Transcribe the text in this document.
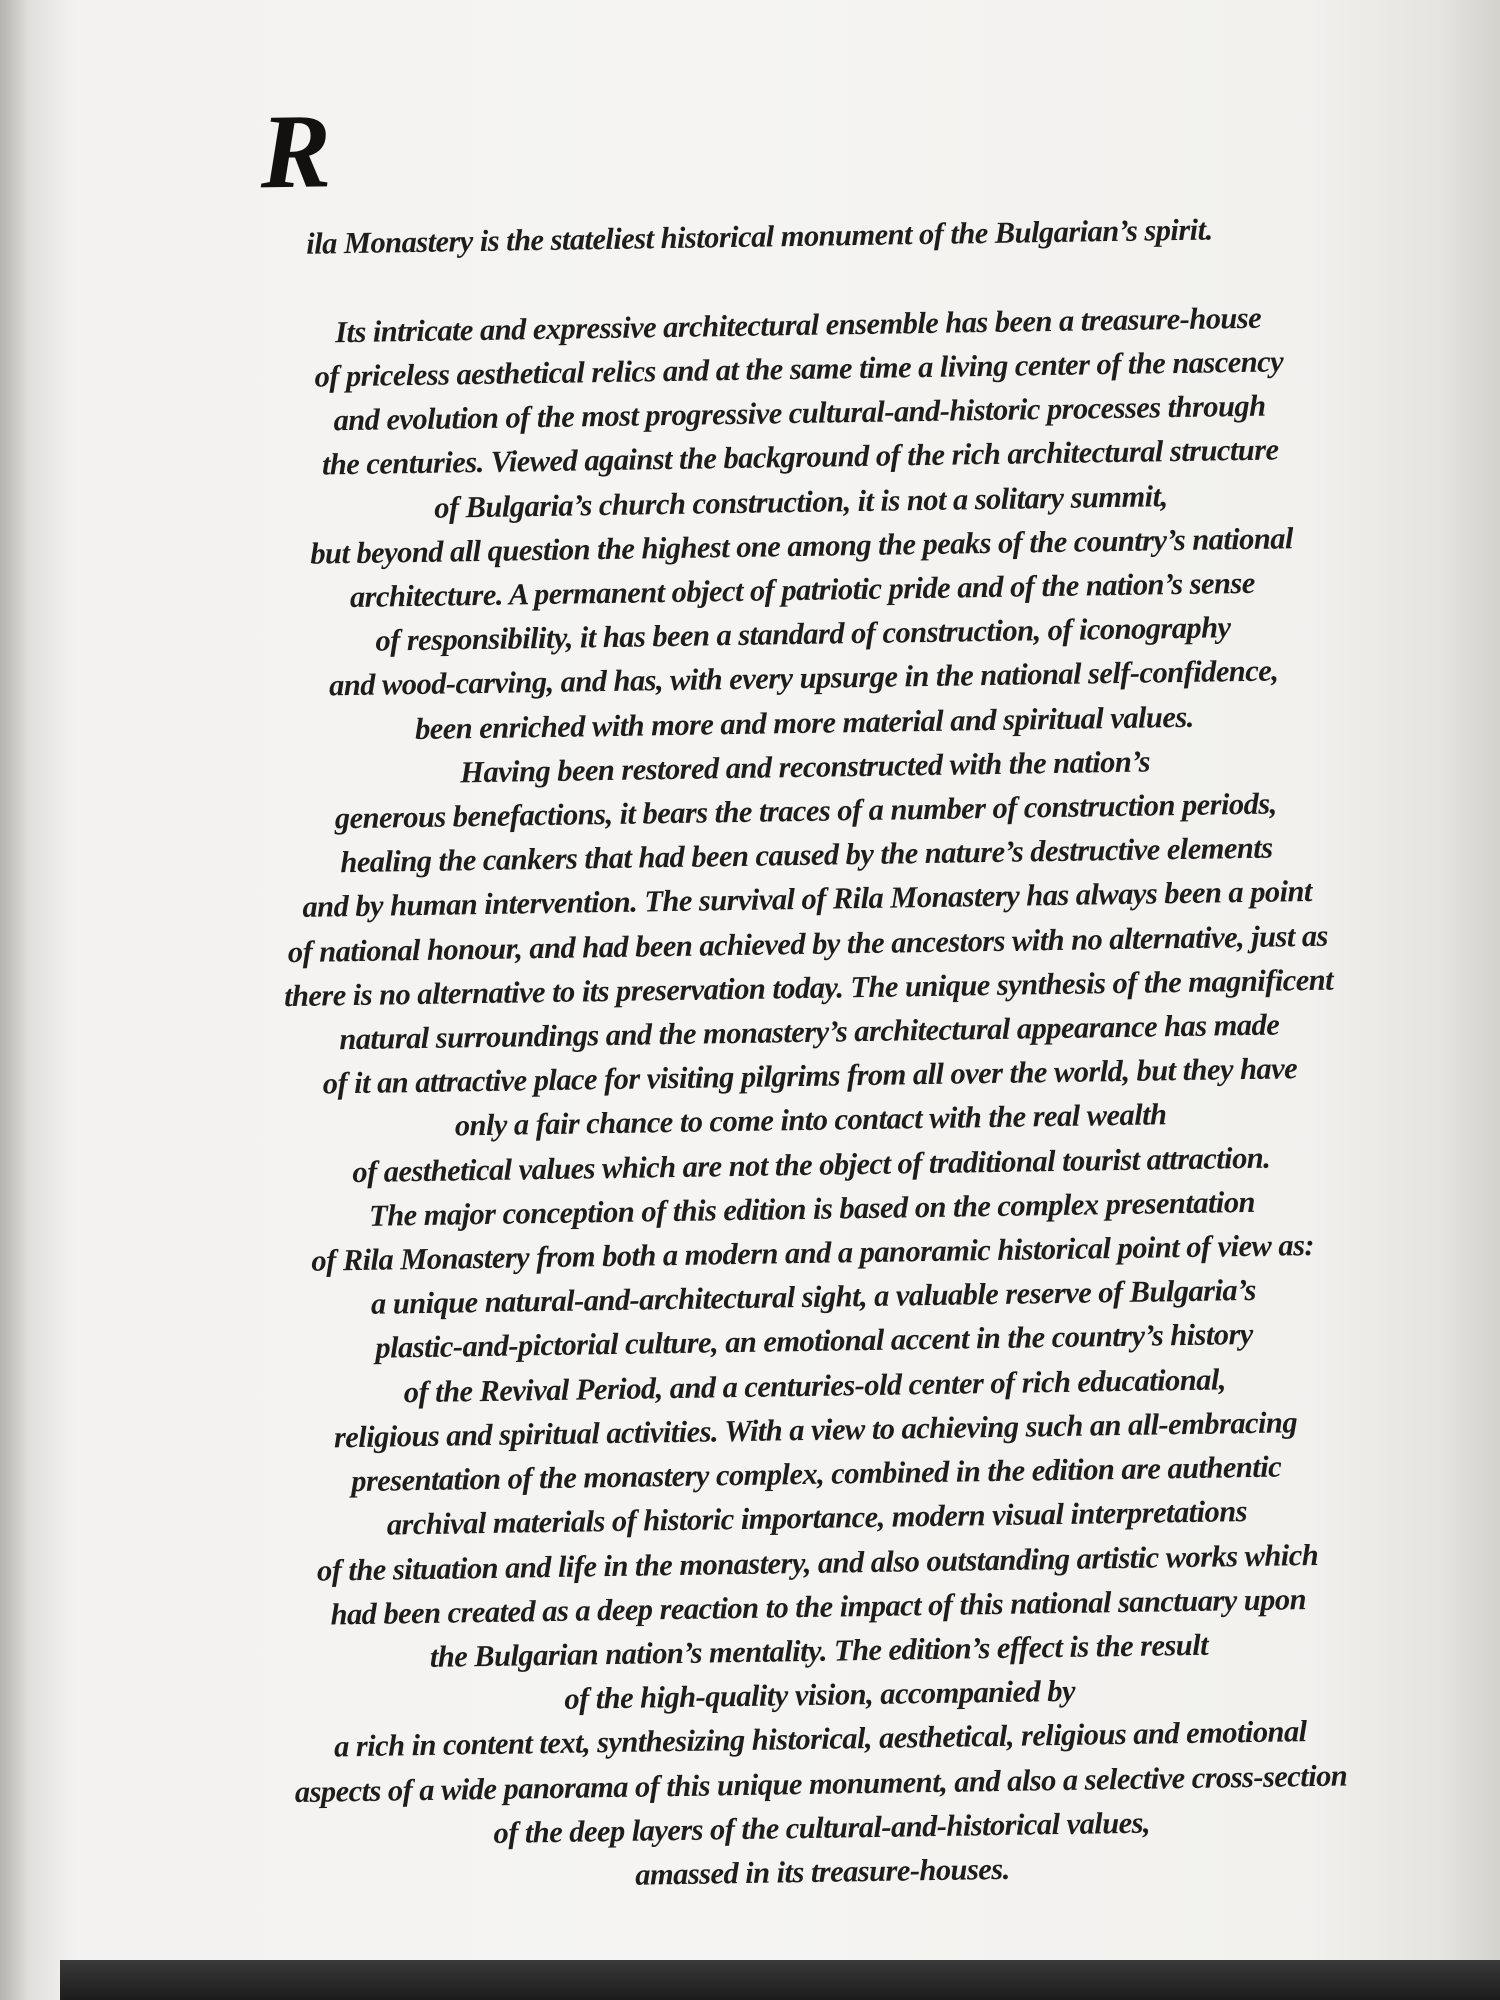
R

ila Monastery is the stateliest historical monument of the Bulgarian’s spirit.

Its intricate and expressive architectural ensemble has been a treasure-house
of priceless aesthetical relics and at the same time a living center of the nascency
and evolution of the most progressive cultural-and-historic processes through
the centuries. Viewed against the background of the rich architectural structure
of Bulgaria’s church construction, it is not a solitary summit,
but beyond all question the highest one among the peaks of the country’s national
architecture. A permanent object of patriotic pride and of the nation’s sense
of responsibility, it has been a standard of construction, of iconography
and wood-carving, and has, with every upsurge in the national self-confidence,
been enriched with more and more material and spiritual values.
Having been restored and reconstructed with the nation’s
generous benefactions, it bears the traces of a number of construction periods,
healing the cankers that had been caused by the nature’s destructive elements
and by human intervention. The survival of Rila Monastery has always been a point
of national honour, and had been achieved by the ancestors with no alternative, just as
there is no alternative to its preservation today. The unique synthesis of the magnificent
natural surroundings and the monastery’s architectural appearance has made
of it an attractive place for visiting pilgrims from all over the world, but they have
only a fair chance to come into contact with the real wealth
of aesthetical values which are not the object of traditional tourist attraction.
The major conception of this edition is based on the complex presentation
of Rila Monastery from both a modern and a panoramic historical point of view as:
a unique natural-and-architectural sight, a valuable reserve of Bulgaria’s
plastic-and-pictorial culture, an emotional accent in the country’s history
of the Revival Period, and a centuries-old center of rich educational,
religious and spiritual activities. With a view to achieving such an all-embracing
presentation of the monastery complex, combined in the edition are authentic
archival materials of historic importance, modern visual interpretations
of the situation and life in the monastery, and also outstanding artistic works which
had been created as a deep reaction to the impact of this national sanctuary upon
the Bulgarian nation’s mentality. The edition’s effect is the result
of the high-quality vision, accompanied by
a rich in content text, synthesizing historical, aesthetical, religious and emotional
aspects of a wide panorama of this unique monument, and also a selective cross-section
of the deep layers of the cultural-and-historical values,
amassed in its treasure-houses.
